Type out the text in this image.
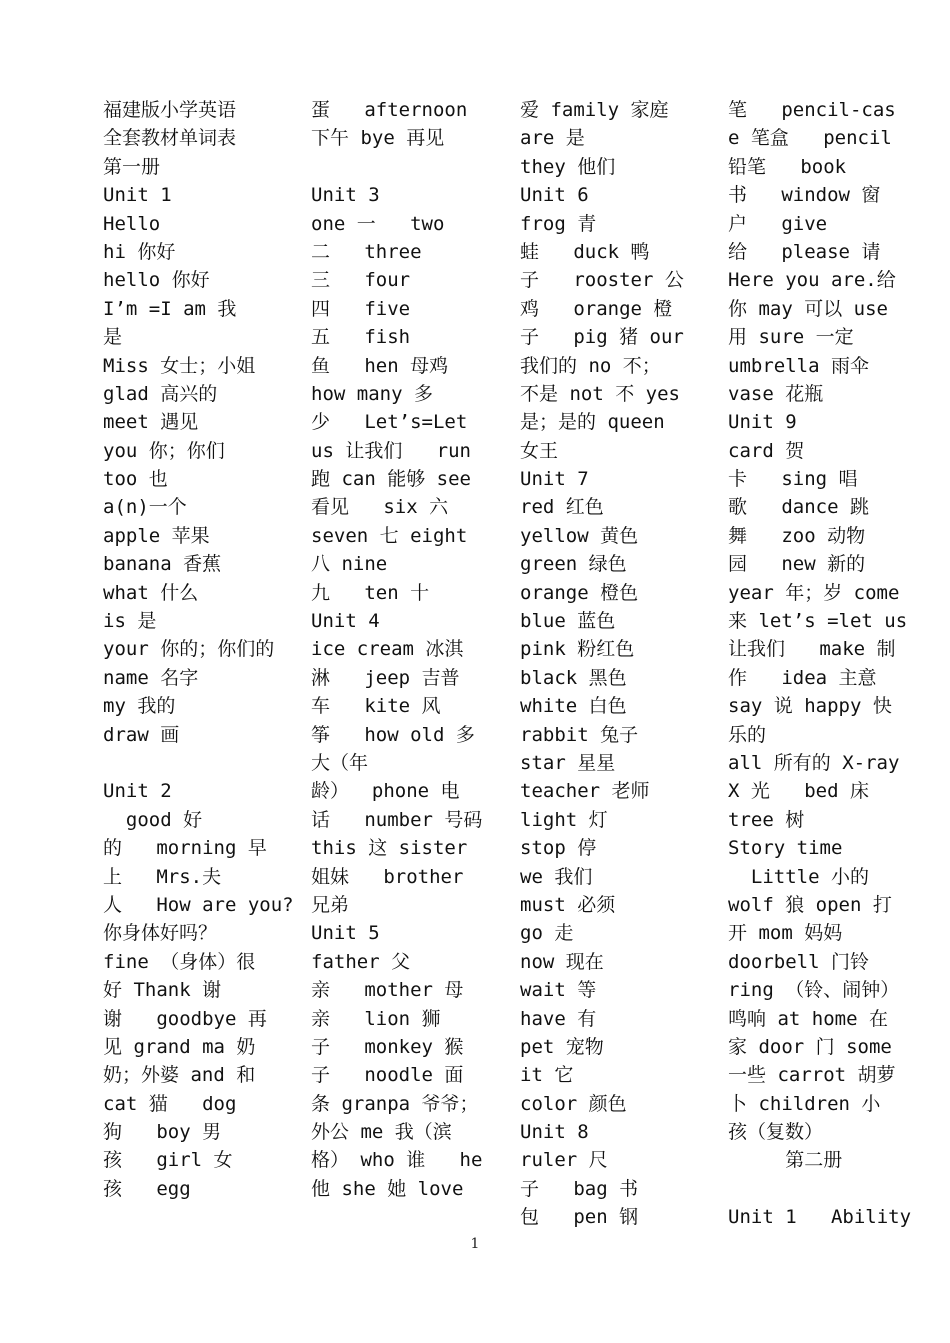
福建版小学英语
全套教材单词表
第一册
Unit 1
Hello
hi 你好
hello 你好
I’m =I am 我
是
Miss 女士；小姐
glad 高兴的
meet 遇见
you 你；你们
too 也
a(n)一个
apple 苹果
banana 香蕉
what 什么
is 是
your 你的；你们的
name 名字
my 我的
draw 画
Unit 2
good 好
的   morning 早
上   Mrs.夫
人   How are you?
你身体好吗？
fine （身体）很
好 Thank 谢
谢   goodbye 再
见 grand ma 奶
奶；外婆 and 和
cat 猫   dog
狗   boy 男
孩   girl 女
孩   egg
蛋   afternoon
下午 bye 再见
Unit 3
one 一   two
二   three
三   four
四   five
五   fish
鱼   hen 母鸡
how many 多
少   Let’s=Let
us 让我们   run
跑 can 能够 see
看见   six 六
seven 七 eight
八 nine
九   ten 十
Unit 4
ice cream 冰淇
淋   jeep 吉普
车   kite 风
筝   how old 多
大（年
龄）  phone 电
话   number 号码
this 这 sister
姐妹   brother
兄弟
Unit 5
father 父
亲   mother 母
亲   lion 狮
子   monkey 猴
子   noodle 面
条 granpa 爷爷；
外公 me 我（滨
格） who 谁   he
他 she 她 love
爱 family 家庭
are 是
they 他们
Unit 6
frog 青
蛙   duck 鸭
子   rooster 公
鸡   orange 橙
子   pig 猪 our
我们的 no 不；
不是 not 不 yes
是；是的 queen
女王
Unit 7
red 红色
yellow 黄色
green 绿色
orange 橙色
blue 蓝色
pink 粉红色
black 黑色
white 白色
rabbit 兔子
star 星星
teacher 老师
light 灯
stop 停
we 我们
must 必须
go 走
now 现在
wait 等
have 有
pet 宠物
it 它
color 颜色
Unit 8
ruler 尺
子   bag 书
包   pen 钢
笔   pencil-cas
e 笔盒   pencil
铅笔   book
书   window 窗
户   give
给   please 请
Here you are.给
你 may 可以 use
用 sure 一定
umbrella 雨伞
vase 花瓶
Unit 9
card 贺
卡   sing 唱
歌   dance 跳
舞   zoo 动物
园   new 新的
year 年；岁 come
来 let’s =let us
让我们   make 制
作   idea 主意
say 说 happy 快
乐的
all 所有的 X-ray
X 光   bed 床
tree 树
Story time
Little 小的
wolf 狼 open 打
开 mom 妈妈
doorbell 门铃
ring （铃、闹钟）
鸣响 at home 在
家 door 门 some
一些 carrot 胡萝
卜 children 小
孩（复数）
第二册
Unit 1   Ability
1
